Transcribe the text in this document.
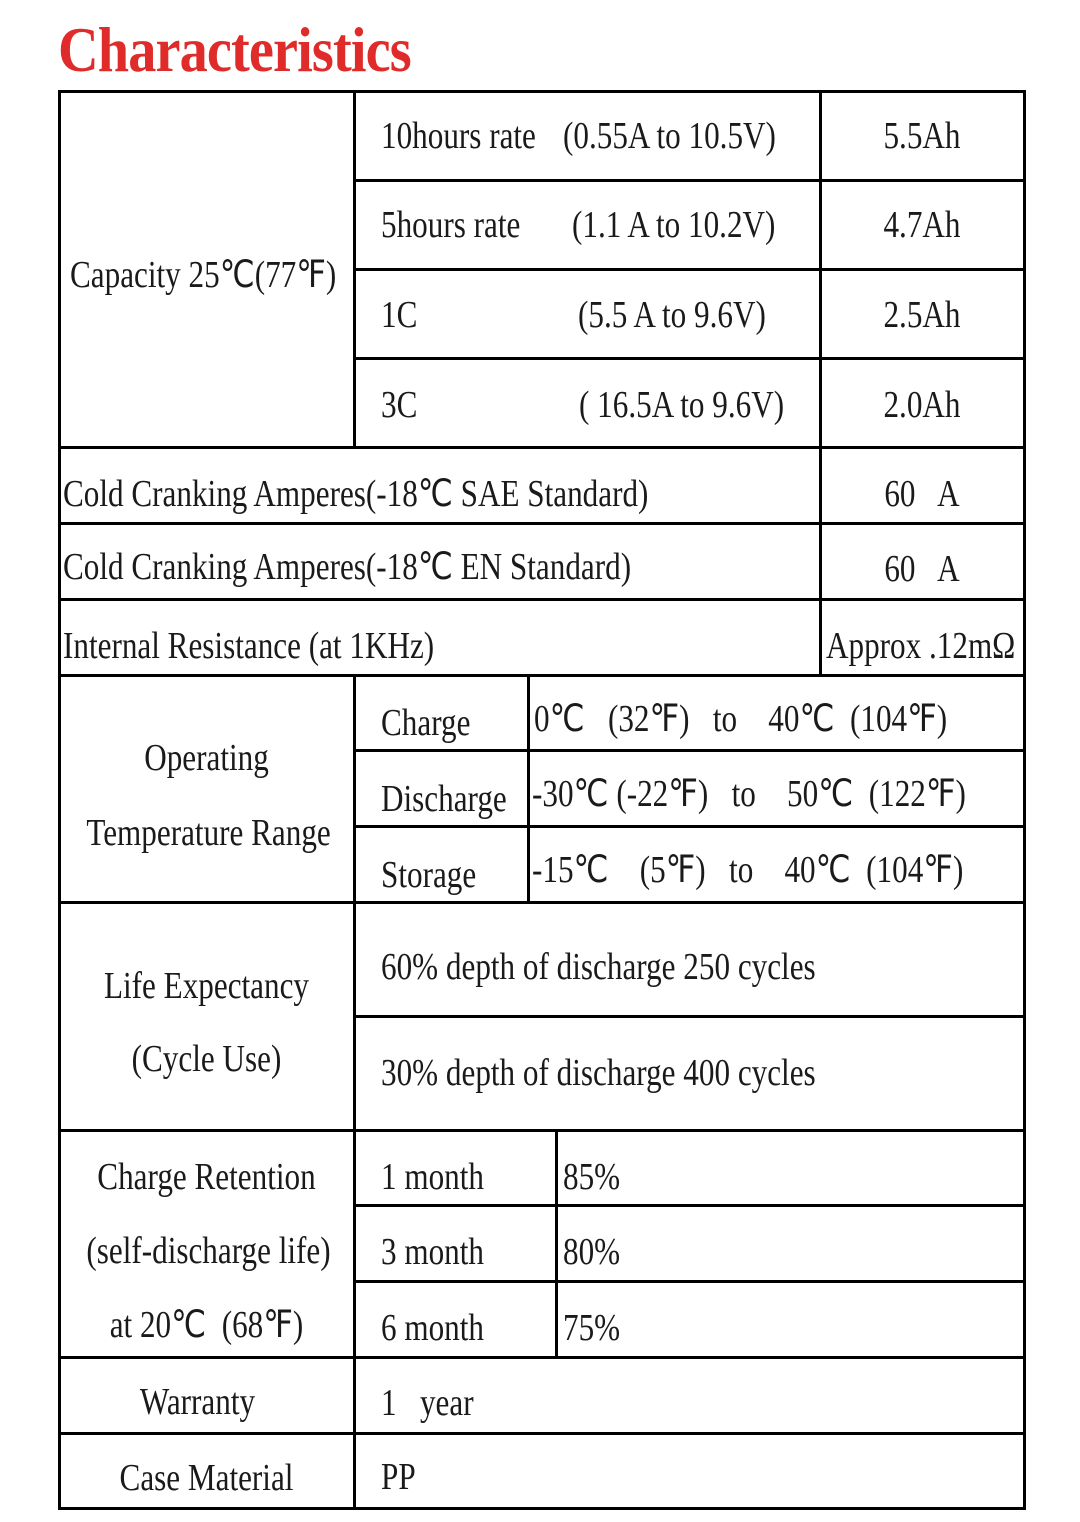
Characteristics
Capacity 25℃(77℉)
10hours rate (0.55A to 10.5V)	5.5Ah
5hours rate (1.1 A to 10.2V)	4.7Ah
1C	(5.5 A to 9.6V)	2.5Ah
3C	( 16.5A to 9.6V)	2.0Ah
Cold Cranking Amperes(-18℃ SAE Standard)	60   A
Cold Cranking Amperes(-18℃ EN Standard)	60   A
Internal Resistance (at 1KHz)	Approx .12mΩ
Operating
Temperature Range
Charge 0℃   (32℉)   to    40℃  (104℉)
Discharge -30℃ (-22℉)   to    50℃  (122℉)
Storage -15℃    (5℉)   to    40℃  (104℉)
Life Expectancy
(Cycle Use)
60% depth of discharge 250 cycles
30% depth of discharge 400 cycles
Charge Retention
(self-discharge life)
at 20℃  (68℉)
1 month 85%
3 month 80%
6 month 75%
Warranty	1   year
Case Material	PP
